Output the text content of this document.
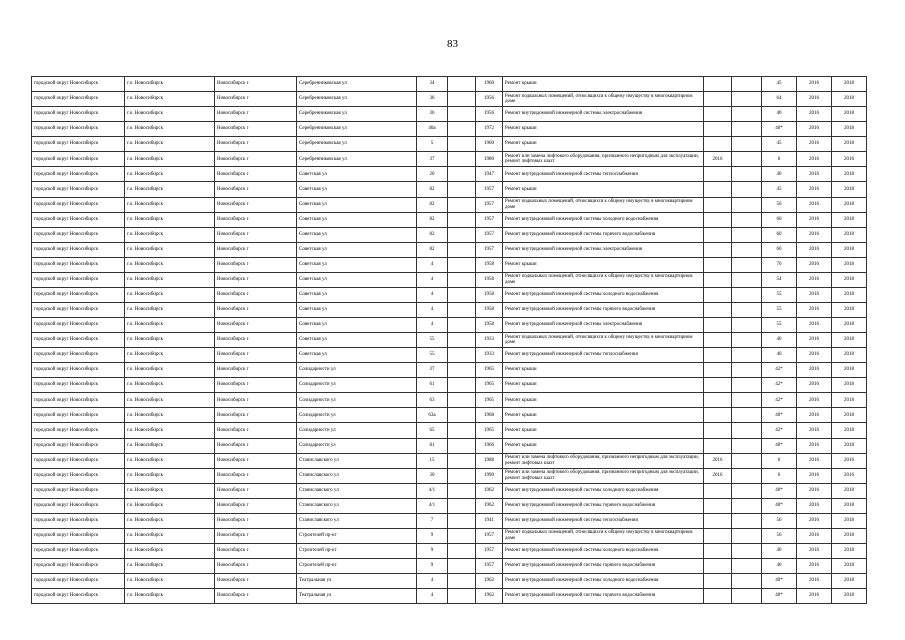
83
городской округ Новосибирск	г.о. Новосибирск	Новосибирск г	Серебренниковская ул	34		1960	Ремонт крыши			45	2016	2018
городской округ Новосибирск	г.о. Новосибирск	Новосибирск г	Серебренниковская ул	36		1956	Ремонт подвальных помещений, относящихся к общему имуществу в многоквартирном доме			64	2016	2018
городской округ Новосибирск	г.о. Новосибирск	Новосибирск г	Серебренниковская ул	36		1956	Ремонт внутридомовой инженерной системы электроснабжения			40	2016	2018
городской округ Новосибирск	г.о. Новосибирск	Новосибирск г	Серебренниковская ул	40а		1972	Ремонт крыши			40*	2016	2018
городской округ Новосибирск	г.о. Новосибирск	Новосибирск г	Серебренниковская ул	5		1960	Ремонт крыши			45	2016	2018
городской округ Новосибирск	г.о. Новосибирск	Новосибирск г	Серебренниковская ул	37		1980	Ремонт или замена лифтового оборудования, признанного непригодным для эксплуатации, ремонт лифтовых шахт	2016		6	2016	2016
городской округ Новосибирск	г.о. Новосибирск	Новосибирск г	Советская ул	20		1947	Ремонт внутридомовой инженерной системы теплоснабжения			40	2016	2018
городской округ Новосибирск	г.о. Новосибирск	Новосибирск г	Советская ул	82		1957	Ремонт крыши			45	2016	2018
городской округ Новосибирск	г.о. Новосибирск	Новосибирск г	Советская ул	82		1957	Ремонт подвальных помещений, относящихся к общему имуществу в многоквартирном доме			56	2016	2018
городской округ Новосибирск	г.о. Новосибирск	Новосибирск г	Советская ул	82		1957	Ремонт внутридомовой инженерной системы холодного водоснабжения			60	2016	2018
городской округ Новосибирск	г.о. Новосибирск	Новосибирск г	Советская ул	82		1957	Ремонт внутридомовой инженерной системы горячего водоснабжения			60	2016	2018
городской округ Новосибирск	г.о. Новосибирск	Новосибирск г	Советская ул	82		1957	Ремонт внутридомовой инженерной системы электроснабжения			60	2016	2018
городской округ Новосибирск	г.о. Новосибирск	Новосибирск г	Советская ул	4		1958	Ремонт крыши			70	2016	2018
городской округ Новосибирск	г.о. Новосибирск	Новосибирск г	Советская ул	4		1958	Ремонт подвальных помещений, относящихся к общему имуществу в многоквартирном доме			54	2016	2018
городской округ Новосибирск	г.о. Новосибирск	Новосибирск г	Советская ул	4		1958	Ремонт внутридомовой инженерной системы холодного водоснабжения			55	2016	2018
городской округ Новосибирск	г.о. Новосибирск	Новосибирск г	Советская ул	4		1958	Ремонт внутридомовой инженерной системы горячего водоснабжения			55	2016	2018
городской округ Новосибирск	г.о. Новосибирск	Новосибирск г	Советская ул	4		1958	Ремонт внутридомовой инженерной системы электроснабжения			55	2016	2018
городской округ Новосибирск	г.о. Новосибирск	Новосибирск г	Советская ул	55		1933	Ремонт подвальных помещений, относящихся к общему имуществу в многоквартирном доме			40	2016	2018
городской округ Новосибирск	г.о. Новосибирск	Новосибирск г	Советская ул	55		1933	Ремонт внутридомовой инженерной системы теплоснабжения			40	2016	2018
городской округ Новосибирск	г.о. Новосибирск	Новосибирск г	Солидарности ул	37		1965	Ремонт крыши			42*	2016	2018
городской округ Новосибирск	г.о. Новосибирск	Новосибирск г	Солидарности ул	61		1965	Ремонт крыши			42*	2016	2018
городской округ Новосибирск	г.о. Новосибирск	Новосибирск г	Солидарности ул	63		1965	Ремонт крыши			42*	2016	2018
городской округ Новосибирск	г.о. Новосибирск	Новосибирск г	Солидарности ул	63а		1968	Ремонт крыши			40*	2016	2018
городской округ Новосибирск	г.о. Новосибирск	Новосибирск г	Солидарности ул	65		1965	Ремонт крыши			42*	2016	2018
городской округ Новосибирск	г.о. Новосибирск	Новосибирск г	Солидарности ул	81		1966	Ремонт крыши			40*	2016	2018
городской округ Новосибирск	г.о. Новосибирск	Новосибирск г	Станиславского ул	15		1988	Ремонт или замена лифтового оборудования, признанного непригодным для эксплуатации, ремонт лифтовых шахт	2016		6	2016	2016
городской округ Новосибирск	г.о. Новосибирск	Новосибирск г	Станиславского ул	30		1990	Ремонт или замена лифтового оборудования, признанного непригодным для эксплуатации, ремонт лифтовых шахт	2016		6	2016	2016
городской округ Новосибирск	г.о. Новосибирск	Новосибирск г	Станиславского ул	4/1		1962	Ремонт внутридомовой инженерной системы холодного водоснабжения			40*	2016	2018
городской округ Новосибирск	г.о. Новосибирск	Новосибирск г	Станиславского ул	4/1		1962	Ремонт внутридомовой инженерной системы горячего водоснабжения			40*	2016	2018
городской округ Новосибирск	г.о. Новосибирск	Новосибирск г	Станиславского ул	7		1941	Ремонт внутридомовой инженерной системы теплоснабжения			56	2016	2018
городской округ Новосибирск	г.о. Новосибирск	Новосибирск г	Строителей пр-кт	9		1957	Ремонт подвальных помещений, относящихся к общему имуществу в многоквартирном доме			56	2016	2018
городской округ Новосибирск	г.о. Новосибирск	Новосибирск г	Строителей пр-кт	9		1957	Ремонт внутридомовой инженерной системы холодного водоснабжения			40	2016	2018
городской округ Новосибирск	г.о. Новосибирск	Новосибирск г	Строителей пр-кт	9		1957	Ремонт внутридомовой инженерной системы горячего водоснабжения			40	2016	2018
городской округ Новосибирск	г.о. Новосибирск	Новосибирск г	Театральная ул	4		1962	Ремонт внутридомовой инженерной системы холодного водоснабжения			40*	2016	2018
городской округ Новосибирск	г.о. Новосибирск	Новосибирск г	Театральная ул	4		1962	Ремонт внутридомовой инженерной системы горячего водоснабжения			40*	2016	2018
